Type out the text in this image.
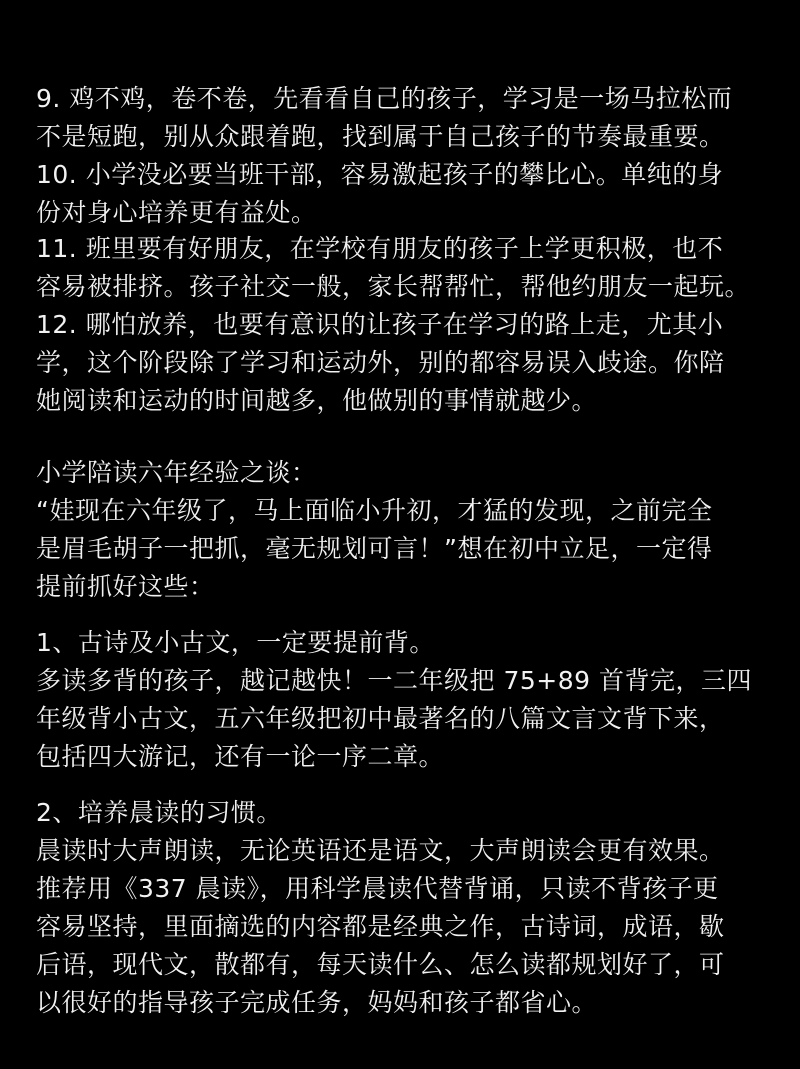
9. 鸡不鸡，卷不卷，先看看自己的孩子，学习是一场马拉松而
不是短跑，别从众跟着跑，找到属于自己孩子的节奏最重要。
10. 小学没必要当班干部，容易激起孩子的攀比心。单纯的身
份对身心培养更有益处。
11. 班里要有好朋友，在学校有朋友的孩子上学更积极，也不
容易被排挤。孩子社交一般，家长帮帮忙，帮他约朋友一起玩。
12. 哪怕放养，也要有意识的让孩子在学习的路上走，尤其小
学，这个阶段除了学习和运动外，别的都容易误入歧途。你陪
她阅读和运动的时间越多，他做别的事情就越少。
小学陪读六年经验之谈：
“娃现在六年级了，马上面临小升初，才猛的发现，之前完全
是眉毛胡子一把抓，毫无规划可言！”想在初中立足，一定得
提前抓好这些：
1、古诗及小古文，一定要提前背。
多读多背的孩子，越记越快！一二年级把 75+89 首背完，三四
年级背小古文，五六年级把初中最著名的八篇文言文背下来，
包括四大游记，还有一论一序二章。
2、培养晨读的习惯。
晨读时大声朗读，无论英语还是语文，大声朗读会更有效果。
推荐用《337 晨读》，用科学晨读代替背诵，只读不背孩子更
容易坚持，里面摘选的内容都是经典之作，古诗词，成语，歇
后语，现代文，散都有，每天读什么、怎么读都规划好了，可
以很好的指导孩子完成任务，妈妈和孩子都省心。
